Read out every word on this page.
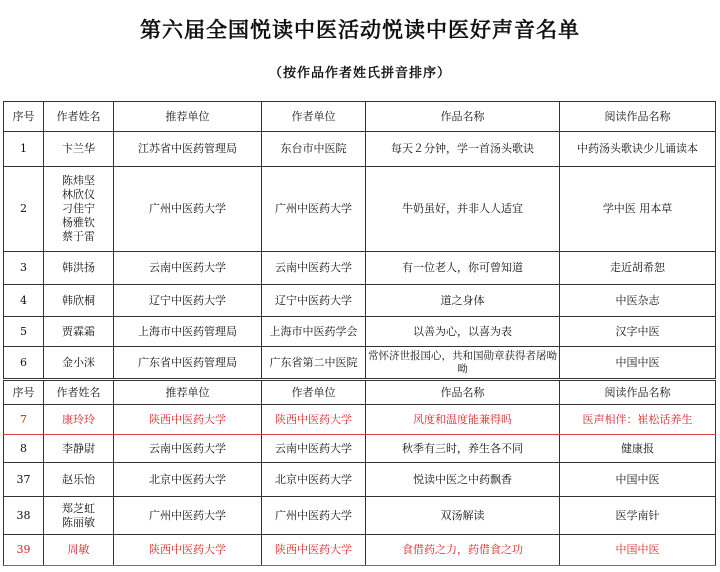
第六届全国悦读中医活动悦读中医好声音名单
（按作品作者姓氏拼音排序）
序号	作者姓名	推荐单位	作者单位	作品名称	阅读作品名称
1	卞兰华	江苏省中医药管理局	东台市中医院	每天２分钟，学一首汤头歌诀	中药汤头歌诀少儿诵读本
2	陈炜坚
林欣仪
刁佳宁
杨雅钦
蔡于雷	广州中医药大学	广州中医药大学	牛奶虽好，并非人人适宜	学中医 用本草
3	韩洪扬	云南中医药大学	云南中医药大学	有一位老人，你可曾知道	走近胡希恕
4	韩欣桐	辽宁中医药大学	辽宁中医药大学	道之身体	中医杂志
5	贾霖霜	上海市中医药管理局	上海市中医药学会	以善为心，以喜为表	汉字中医
6	金小洣	广东省中医药管理局	广东省第二中医院	常怀济世报国心，共和国勋章获得者屠呦呦	中国中医
序号	作者姓名	推荐单位	作者单位	作品名称	阅读作品名称
7	康玲玲	陕西中医药大学	陕西中医药大学	风度和温度能兼得吗	医声相伴：崔松话养生
8	李静尉	云南中医药大学	云南中医药大学	秋季有三时，养生各不同	健康报
37	赵乐怡	北京中医药大学	北京中医药大学	悦读中医之中药飘香	中国中医
38	郑芝虹
陈丽敏	广州中医药大学	广州中医药大学	双汤解读	医学南针
39	周敏	陕西中医药大学	陕西中医药大学	食借药之力，药借食之功	中国中医
